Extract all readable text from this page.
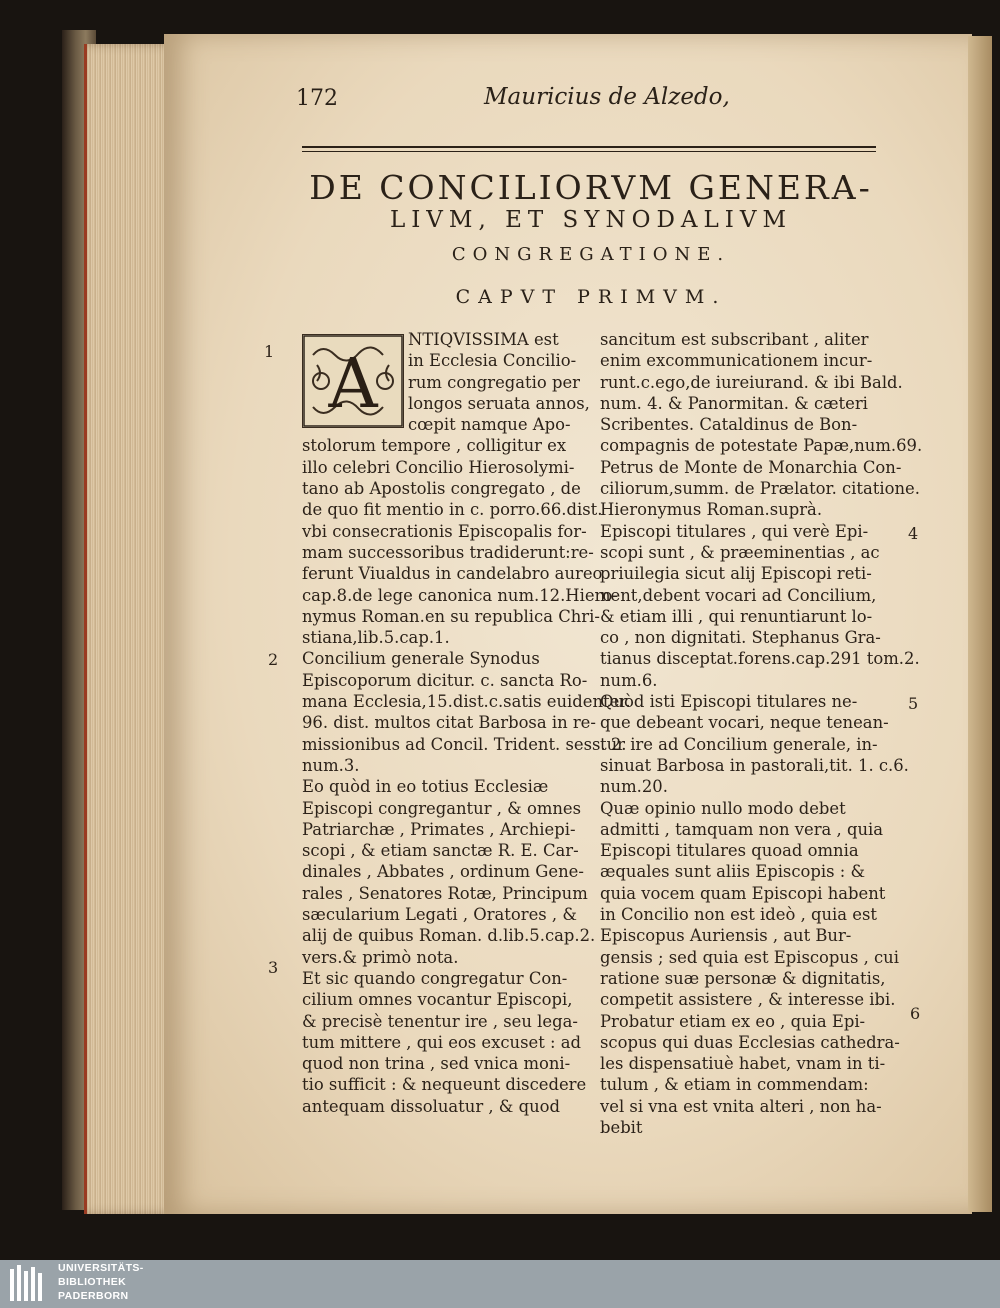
172	Mauricius de Alzedo,
DE CONCILIORVM GENERA-
LIVM, ET SYNODALIVM
CONGREGATIONE.
CAPVT PRIMVM.
A
NTIQVISSIMA est
in Ecclesia Concilio-
rum congregatio per
longos seruata annos,
cœpit namque Apo-
stolorum tempore , colligitur ex
illo celebri Concilio Hierosolymi-
tano ab Apostolis congregato , de
de quo fit mentio in c. porro.66.dist.
vbi consecrationis Episcopalis for-
mam successoribus tradiderunt:re-
ferunt Viualdus in candelabro aureo
cap.8.de lege canonica num.12.Hiero-
nymus Roman.en su republica Chri-
stiana,lib.5.cap.1.
Concilium generale Synodus
Episcoporum dicitur. c. sancta Ro-
mana Ecclesia,15.dist.c.satis euidenter.
96. dist. multos citat Barbosa in re-
missionibus ad Concil. Trident. sess. 2.
num.3.
Eo quòd in eo totius Ecclesiæ
Episcopi congregantur , & omnes
Patriarchæ , Primates , Archiepi-
scopi , & etiam sanctæ R. E. Car-
dinales , Abbates , ordinum Gene-
rales , Senatores Rotæ, Principum
sæcularium Legati , Oratores , &
alij de quibus Roman. d.lib.5.cap.2.
vers.& primò nota.
Et sic quando congregatur Con-
cilium omnes vocantur Episcopi,
& precisè tenentur ire , seu lega-
tum mittere , qui eos excuset : ad
quod non trina , sed vnica moni-
tio sufficit : & nequeunt discedere
antequam dissoluatur , & quod
sancitum est subscribant , aliter
enim excommunicationem incur-
runt.c.ego,de iureiurand. & ibi Bald.
num. 4. & Panormitan. & cæteri
Scribentes. Cataldinus de Bon-
compagnis de potestate Papæ,num.69.
Petrus de Monte de Monarchia Con-
ciliorum,summ. de Prælator. citatione.
Hieronymus Roman.suprà.
Episcopi titulares , qui verè Epi-
scopi sunt , & præeminentias , ac
priuilegia sicut alij Episcopi reti-
nent,debent vocari ad Concilium,
& etiam illi , qui renuntiarunt lo-
co , non dignitati. Stephanus Gra-
tianus disceptat.forens.cap.291 tom.2.
num.6.
Quòd isti Episcopi titulares ne-
que debeant vocari, neque tenean-
tur ire ad Concilium generale, in-
sinuat Barbosa in pastorali,tit. 1. c.6.
num.20.
Quæ opinio nullo modo debet
admitti , tamquam non vera , quia
Episcopi titulares quoad omnia
æquales sunt aliis Episcopis : &
quia vocem quam Episcopi habent
in Concilio non est ideò , quia est
Episcopus Auriensis , aut Bur-
gensis ; sed quia est Episcopus , cui
ratione suæ personæ & dignitatis,
competit assistere , & interesse ibi.
Probatur etiam ex eo , quia Epi-
scopus qui duas Ecclesias cathedra-
les dispensatiuè habet, vnam in ti-
tulum , & etiam in commendam:
vel si vna est vnita alteri , non ha-
bebit
1
2
3
4
5
6
UNIVERSITÄTS-
BIBLIOTHEK
PADERBORN
